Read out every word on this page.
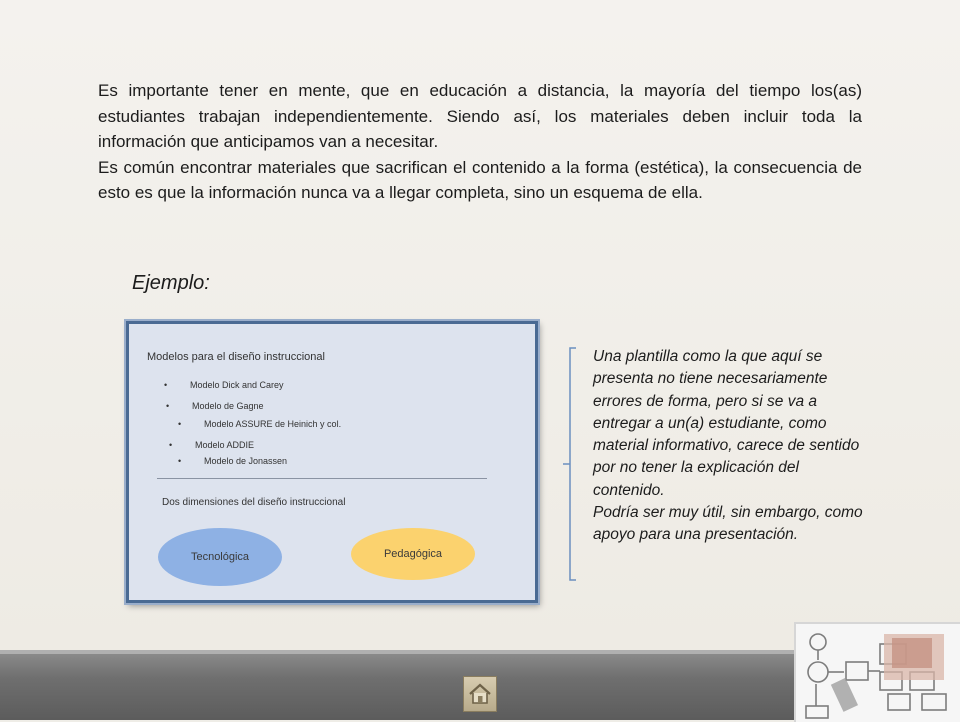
Es importante tener en mente, que en educación a distancia, la mayoría del tiempo los(as) estudiantes trabajan independientemente. Siendo así, los materiales deben incluir toda la información que anticipamos van a necesitar.

Es común encontrar materiales que sacrifican el contenido a la forma (estética), la consecuencia de esto es que la información nunca va a llegar completa, sino un esquema de ella.

Ejemplo:
Modelos para el diseño instruccional
•	Modelo Dick and Carey
•	Modelo de Gagne
•	Modelo ASSURE de Heinich y col.
•	Modelo ADDIE
•	Modelo de Jonassen
Dos dimensiones del diseño instruccional
Tecnológica	Pedagógica

Una plantilla como la que aquí se presenta no tiene necesariamente errores de forma, pero si se va a entregar a un(a) estudiante, como material informativo, carece de sentido por no tener la explicación del contenido.

Podría ser muy útil, sin embargo, como apoyo para una presentación.
